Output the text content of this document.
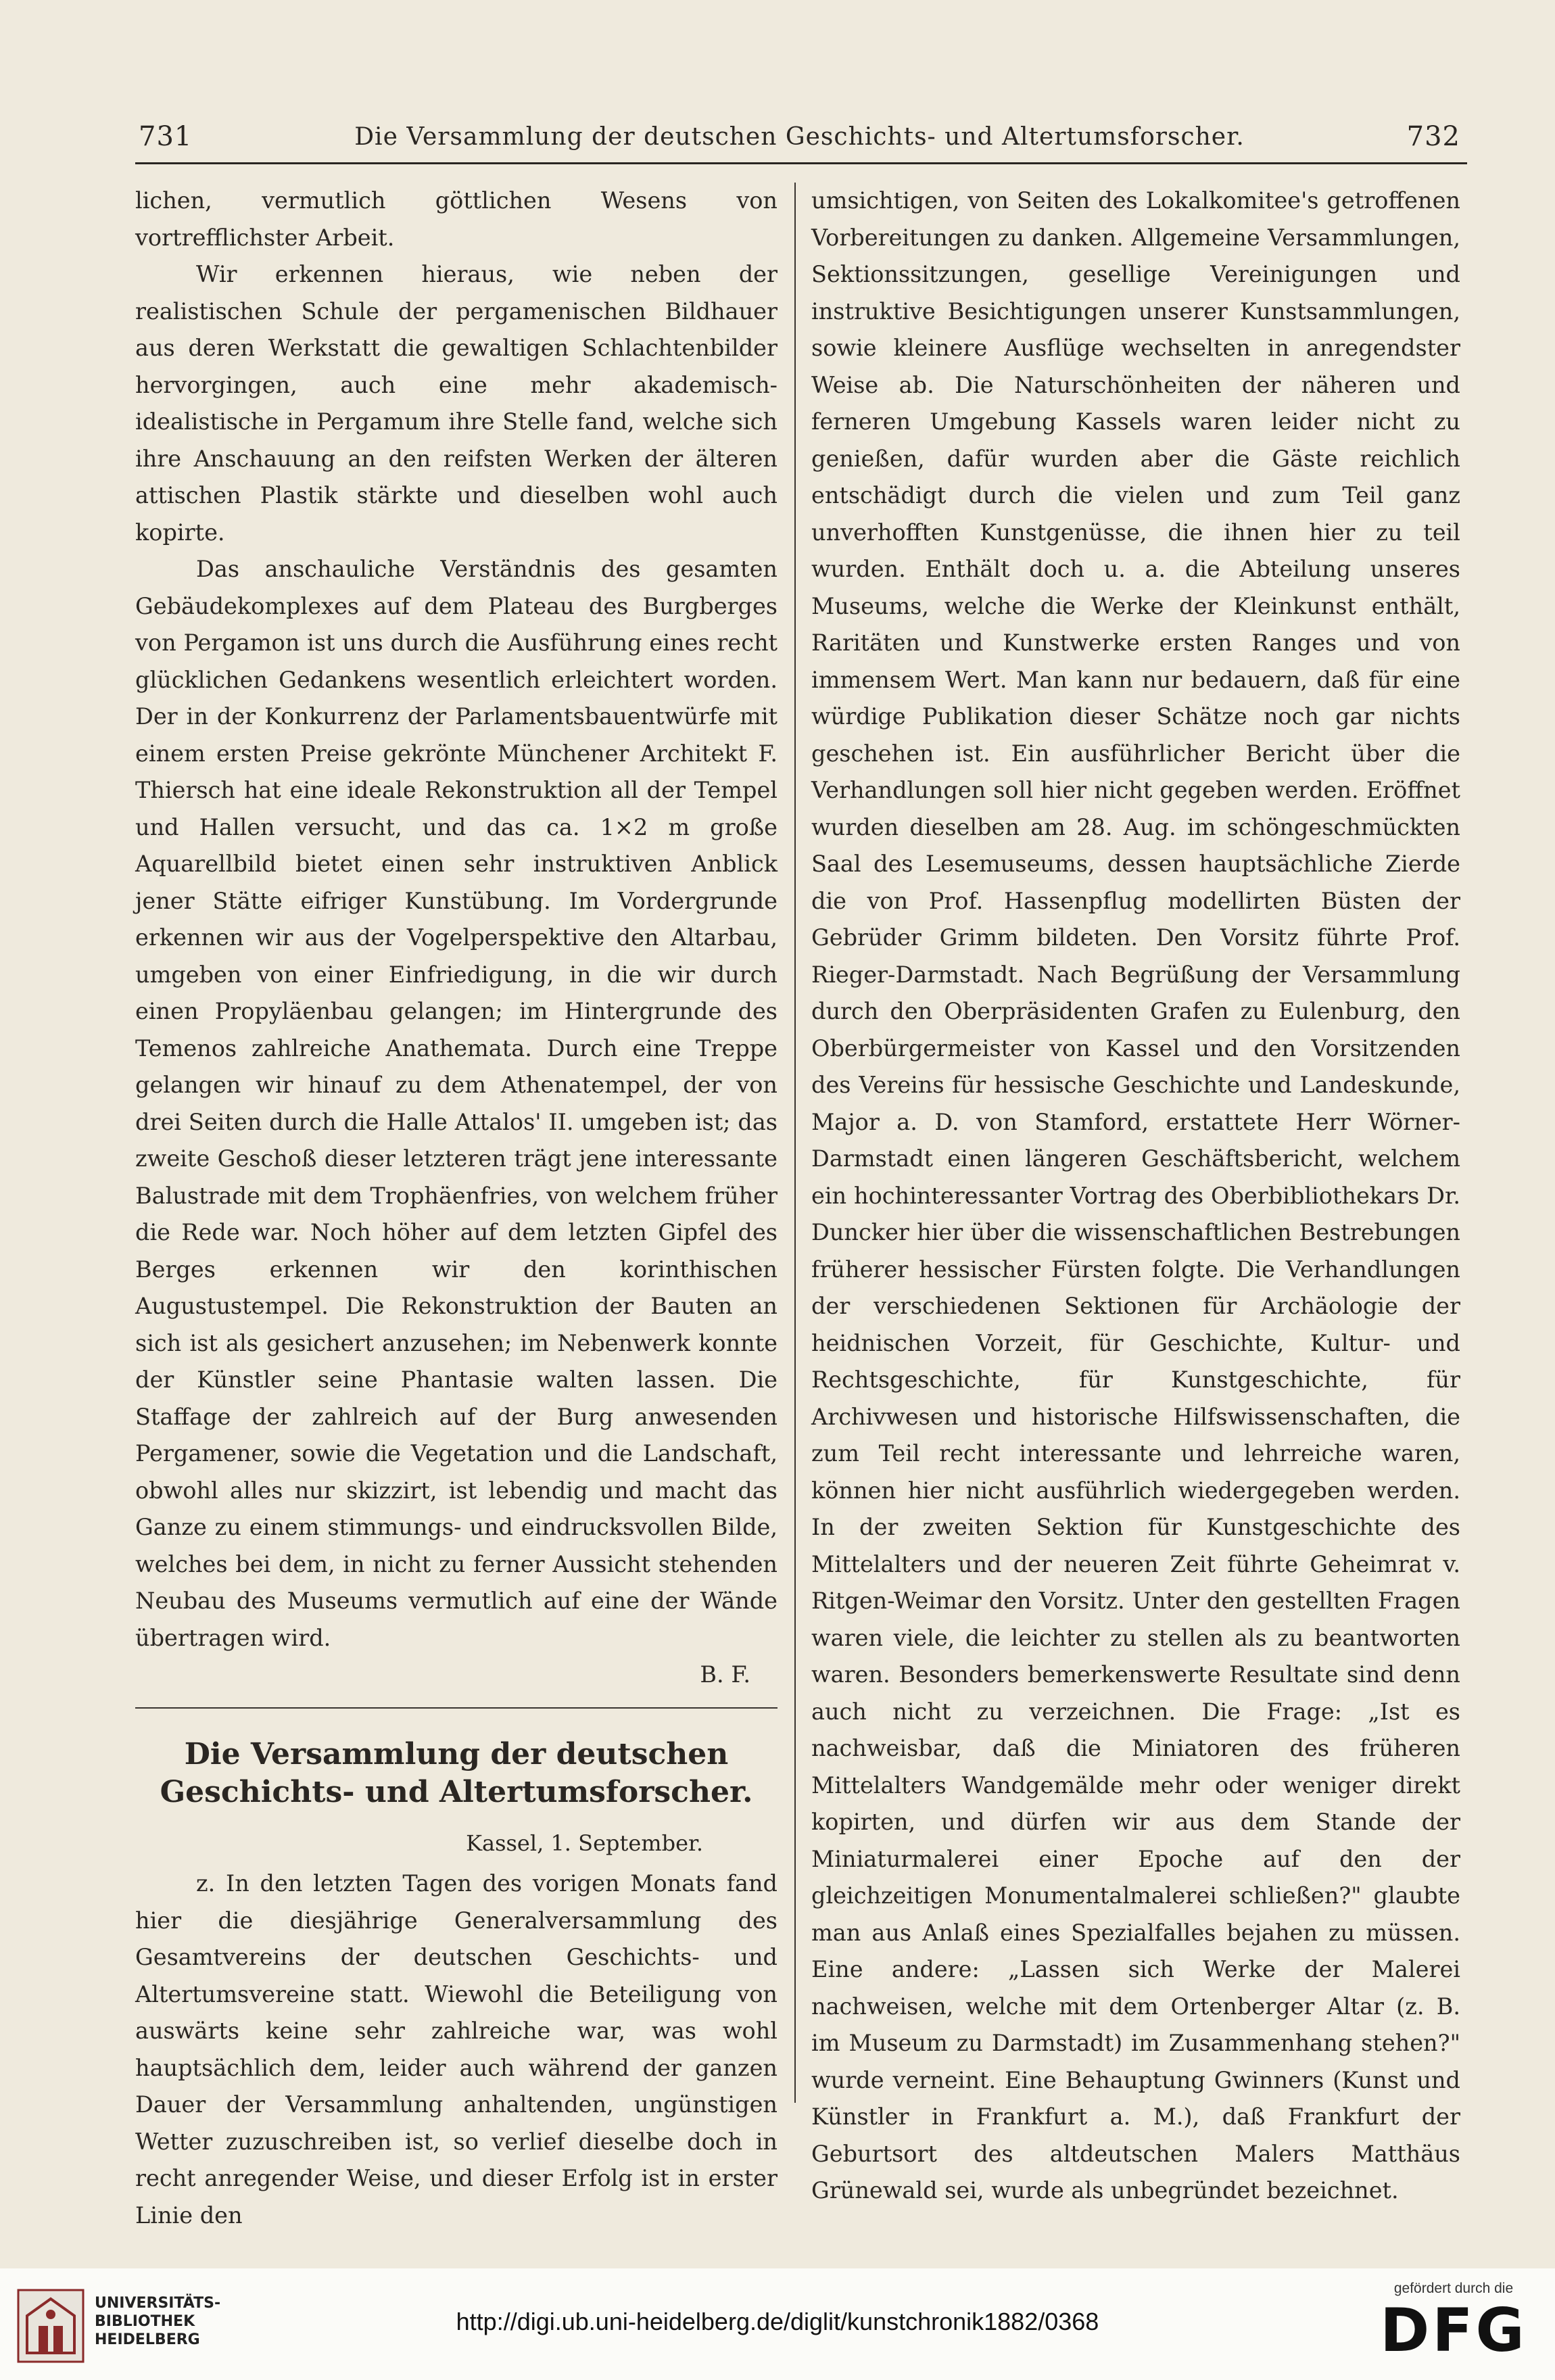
731	Die Versammlung der deutschen Geschichts- und Altertumsforscher.	732

lichen, vermutlich göttlichen Wesens von vortrefflichster Arbeit.

Wir erkennen hieraus, wie neben der realistischen Schule der pergamenischen Bildhauer aus deren Werkstatt die gewaltigen Schlachtenbilder hervorgingen, auch eine mehr akademisch-idealistische in Pergamum ihre Stelle fand, welche sich ihre Anschauung an den reifsten Werken der älteren attischen Plastik stärkte und dieselben wohl auch kopirte.

Das anschauliche Verständnis des gesamten Gebäudekomplexes auf dem Plateau des Burgberges von Pergamon ist uns durch die Ausführung eines recht glücklichen Gedankens wesentlich erleichtert worden. Der in der Konkurrenz der Parlamentsbauentwürfe mit einem ersten Preise gekrönte Münchener Architekt F. Thiersch hat eine ideale Rekonstruktion all der Tempel und Hallen versucht, und das ca. 1×2 m große Aquarellbild bietet einen sehr instruktiven Anblick jener Stätte eifriger Kunstübung. Im Vordergrunde erkennen wir aus der Vogelperspektive den Altarbau, umgeben von einer Einfriedigung, in die wir durch einen Propyläenbau gelangen; im Hintergrunde des Temenos zahlreiche Anathemata. Durch eine Treppe gelangen wir hinauf zu dem Athenatempel, der von drei Seiten durch die Halle Attalos' II. umgeben ist; das zweite Geschoß dieser letzteren trägt jene interessante Balustrade mit dem Trophäenfries, von welchem früher die Rede war. Noch höher auf dem letzten Gipfel des Berges erkennen wir den korinthischen Augustustempel. Die Rekonstruktion der Bauten an sich ist als gesichert anzusehen; im Nebenwerk konnte der Künstler seine Phantasie walten lassen. Die Staffage der zahlreich auf der Burg anwesenden Pergamener, sowie die Vegetation und die Landschaft, obwohl alles nur skizzirt, ist lebendig und macht das Ganze zu einem stimmungs- und eindrucksvollen Bilde, welches bei dem, in nicht zu ferner Aussicht stehenden Neubau des Museums vermutlich auf eine der Wände übertragen wird.

B. F.
Die Versammlung der deutschen Geschichts- und Altertumsforscher.
Kassel, 1. September.

z. In den letzten Tagen des vorigen Monats fand hier die diesjährige Generalversammlung des Gesamtvereins der deutschen Geschichts- und Altertumsvereine statt. Wiewohl die Beteiligung von auswärts keine sehr zahlreiche war, was wohl hauptsächlich dem, leider auch während der ganzen Dauer der Versammlung anhaltenden, ungünstigen Wetter zuzuschreiben ist, so verlief dieselbe doch in recht anregender Weise, und dieser Erfolg ist in erster Linie den

umsichtigen, von Seiten des Lokalkomitee's getroffenen Vorbereitungen zu danken. Allgemeine Versammlungen, Sektionssitzungen, gesellige Vereinigungen und instruktive Besichtigungen unserer Kunstsammlungen, sowie kleinere Ausflüge wechselten in anregendster Weise ab. Die Naturschönheiten der näheren und ferneren Umgebung Kassels waren leider nicht zu genießen, dafür wurden aber die Gäste reichlich entschädigt durch die vielen und zum Teil ganz unverhofften Kunstgenüsse, die ihnen hier zu teil wurden. Enthält doch u. a. die Abteilung unseres Museums, welche die Werke der Kleinkunst enthält, Raritäten und Kunstwerke ersten Ranges und von immensem Wert. Man kann nur bedauern, daß für eine würdige Publikation dieser Schätze noch gar nichts geschehen ist. Ein ausführlicher Bericht über die Verhandlungen soll hier nicht gegeben werden. Eröffnet wurden dieselben am 28. Aug. im schöngeschmückten Saal des Lesemuseums, dessen hauptsächliche Zierde die von Prof. Hassenpflug modellirten Büsten der Gebrüder Grimm bildeten. Den Vorsitz führte Prof. Rieger-Darmstadt. Nach Begrüßung der Versammlung durch den Oberpräsidenten Grafen zu Eulenburg, den Oberbürgermeister von Kassel und den Vorsitzenden des Vereins für hessische Geschichte und Landeskunde, Major a. D. von Stamford, erstattete Herr Wörner-Darmstadt einen längeren Geschäftsbericht, welchem ein hochinteressanter Vortrag des Oberbibliothekars Dr. Duncker hier über die wissenschaftlichen Bestrebungen früherer hessischer Fürsten folgte. Die Verhandlungen der verschiedenen Sektionen für Archäologie der heidnischen Vorzeit, für Geschichte, Kultur- und Rechtsgeschichte, für Kunstgeschichte, für Archivwesen und historische Hilfswissenschaften, die zum Teil recht interessante und lehrreiche waren, können hier nicht ausführlich wiedergegeben werden. In der zweiten Sektion für Kunstgeschichte des Mittelalters und der neueren Zeit führte Geheimrat v. Ritgen-Weimar den Vorsitz. Unter den gestellten Fragen waren viele, die leichter zu stellen als zu beantworten waren. Besonders bemerkenswerte Resultate sind denn auch nicht zu verzeichnen. Die Frage: „Ist es nachweisbar, daß die Miniatoren des früheren Mittelalters Wandgemälde mehr oder weniger direkt kopirten, und dürfen wir aus dem Stande der Miniaturmalerei einer Epoche auf den der gleichzeitigen Monumentalmalerei schließen?" glaubte man aus Anlaß eines Spezialfalles bejahen zu müssen. Eine andere: „Lassen sich Werke der Malerei nachweisen, welche mit dem Ortenberger Altar (z. B. im Museum zu Darmstadt) im Zusammenhang stehen?" wurde verneint. Eine Behauptung Gwinners (Kunst und Künstler in Frankfurt a. M.), daß Frankfurt der Geburtsort des altdeutschen Malers Matthäus Grünewald sei, wurde als unbegründet bezeichnet.

UNIVERSITÄTS-
BIBLIOTHEK
HEIDELBERG
http://digi.ub.uni-heidelberg.de/diglit/kunstchronik1882/0368
gefördert durch die
DFG
